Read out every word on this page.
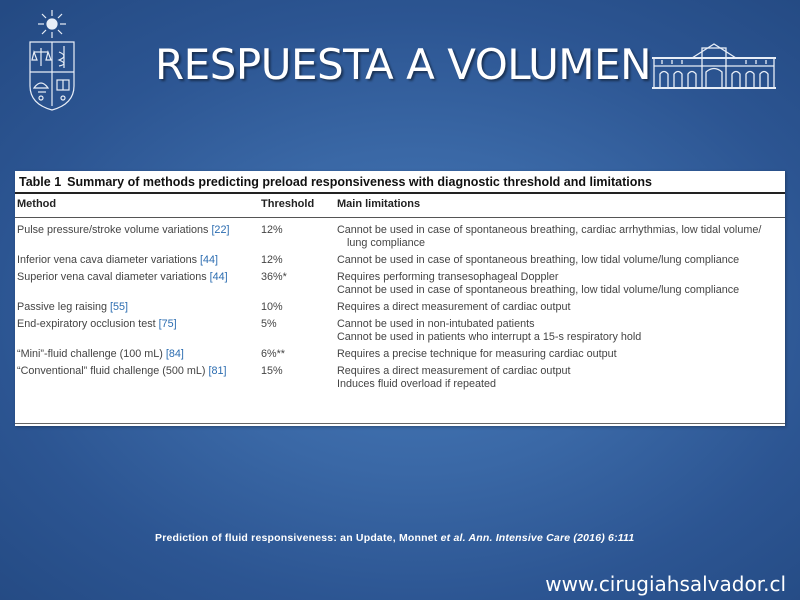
RESPUESTA A VOLUMEN
Table 1 Summary of methods predicting preload responsiveness with diagnostic threshold and limitations
Method	Threshold	Main limitations
Pulse pressure/stroke volume variations [22]	12%	Cannot be used in case of spontaneous breathing, cardiac arrhythmias, low tidal volume/
lung compliance

Inferior vena cava diameter variations [44]	12%	Cannot be used in case of spontaneous breathing, low tidal volume/lung compliance

Superior vena caval diameter variations [44]	36%*	Requires performing transesophageal Doppler
Cannot be used in case of spontaneous breathing, low tidal volume/lung compliance

Passive leg raising [55]	10%	Requires a direct measurement of cardiac output

End-expiratory occlusion test [75]	5%	Cannot be used in non-intubated patients
Cannot be used in patients who interrupt a 15-s respiratory hold

“Mini”-fluid challenge (100 mL) [84]	6%**	Requires a precise technique for measuring cardiac output

“Conventional” fluid challenge (500 mL) [81]	15%	Requires a direct measurement of cardiac output
Induces fluid overload if repeated
Prediction of fluid responsiveness: an Update, Monnet et al. Ann. Intensive Care (2016) 6:111
www.cirugiahsalvador.cl
